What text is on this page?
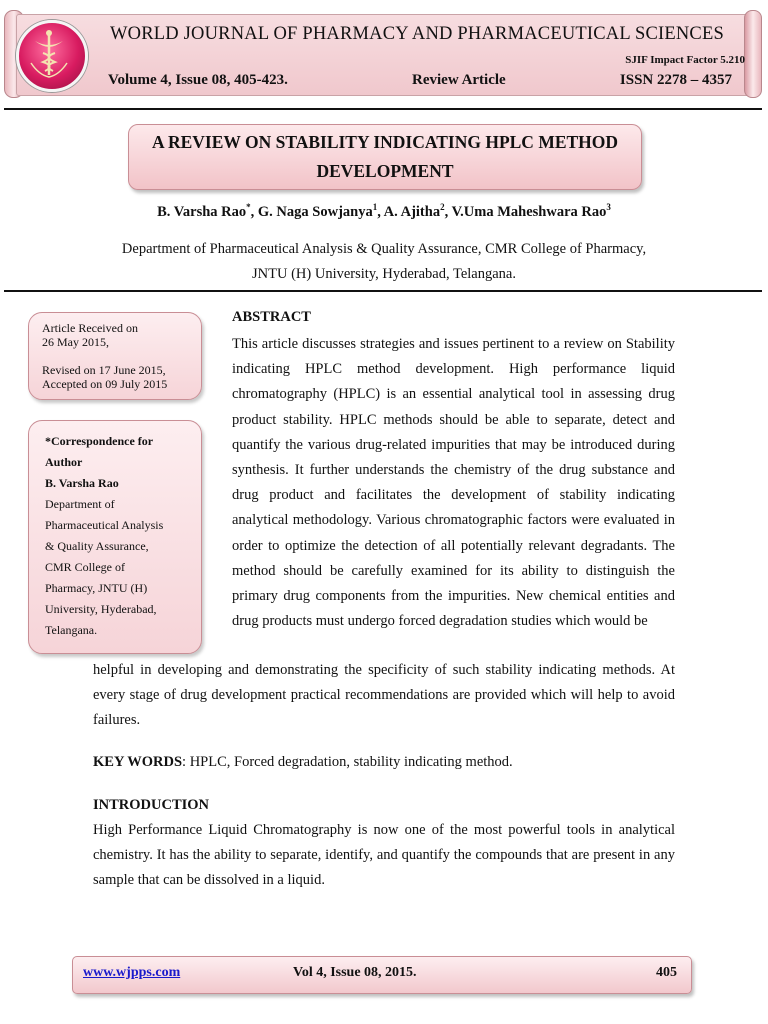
WORLD JOURNAL OF PHARMACY AND PHARMACEUTICAL SCIENCES
SJIF Impact Factor 5.210
Volume 4, Issue 08, 405-423.	Review Article	ISSN 2278 – 4357
A REVIEW ON STABILITY INDICATING HPLC METHOD
DEVELOPMENT
B. Varsha Rao*, G. Naga Sowjanya$^1$, A. Ajitha$^2$, V.Uma Maheshwara Rao$^3$
Department of Pharmaceutical Analysis & Quality Assurance, CMR College of Pharmacy,
JNTU (H) University, Hyderabad, Telangana.

Article Received on

26 May 2015,

Revised on 17 June 2015,

Accepted on 09 July 2015

*Correspondence for
Author
B. Varsha Rao
Department of
Pharmaceutical Analysis
& Quality Assurance,
CMR College of
Pharmacy, JNTU (H)
University, Hyderabad,
Telangana.
ABSTRACT
This article discusses strategies and issues pertinent to a review on Stability indicating HPLC method development. High performance liquid chromatography (HPLC) is an essential analytical tool in assessing drug product stability. HPLC methods should be able to separate, detect and quantify the various drug-related impurities that may be introduced during synthesis. It further understands the chemistry of the drug substance and drug product and facilitates the development of stability indicating analytical methodology. Various chromatographic factors were evaluated in order to optimize the detection of all potentially relevant degradants. The method should be carefully examined for its ability to distinguish the primary drug components from the impurities. New chemical entities and drug products must undergo forced degradation studies which would be
helpful in developing and demonstrating the specificity of such stability indicating methods. At every stage of drug development practical recommendations are provided which will help to avoid failures.
KEY WORDS: HPLC, Forced degradation, stability indicating method.
INTRODUCTION
High Performance Liquid Chromatography is now one of the most powerful tools in analytical chemistry. It has the ability to separate, identify, and quantify the compounds that are present in any sample that can be dissolved in a liquid.
www.wjpps.com	Vol 4, Issue 08, 2015.	405
